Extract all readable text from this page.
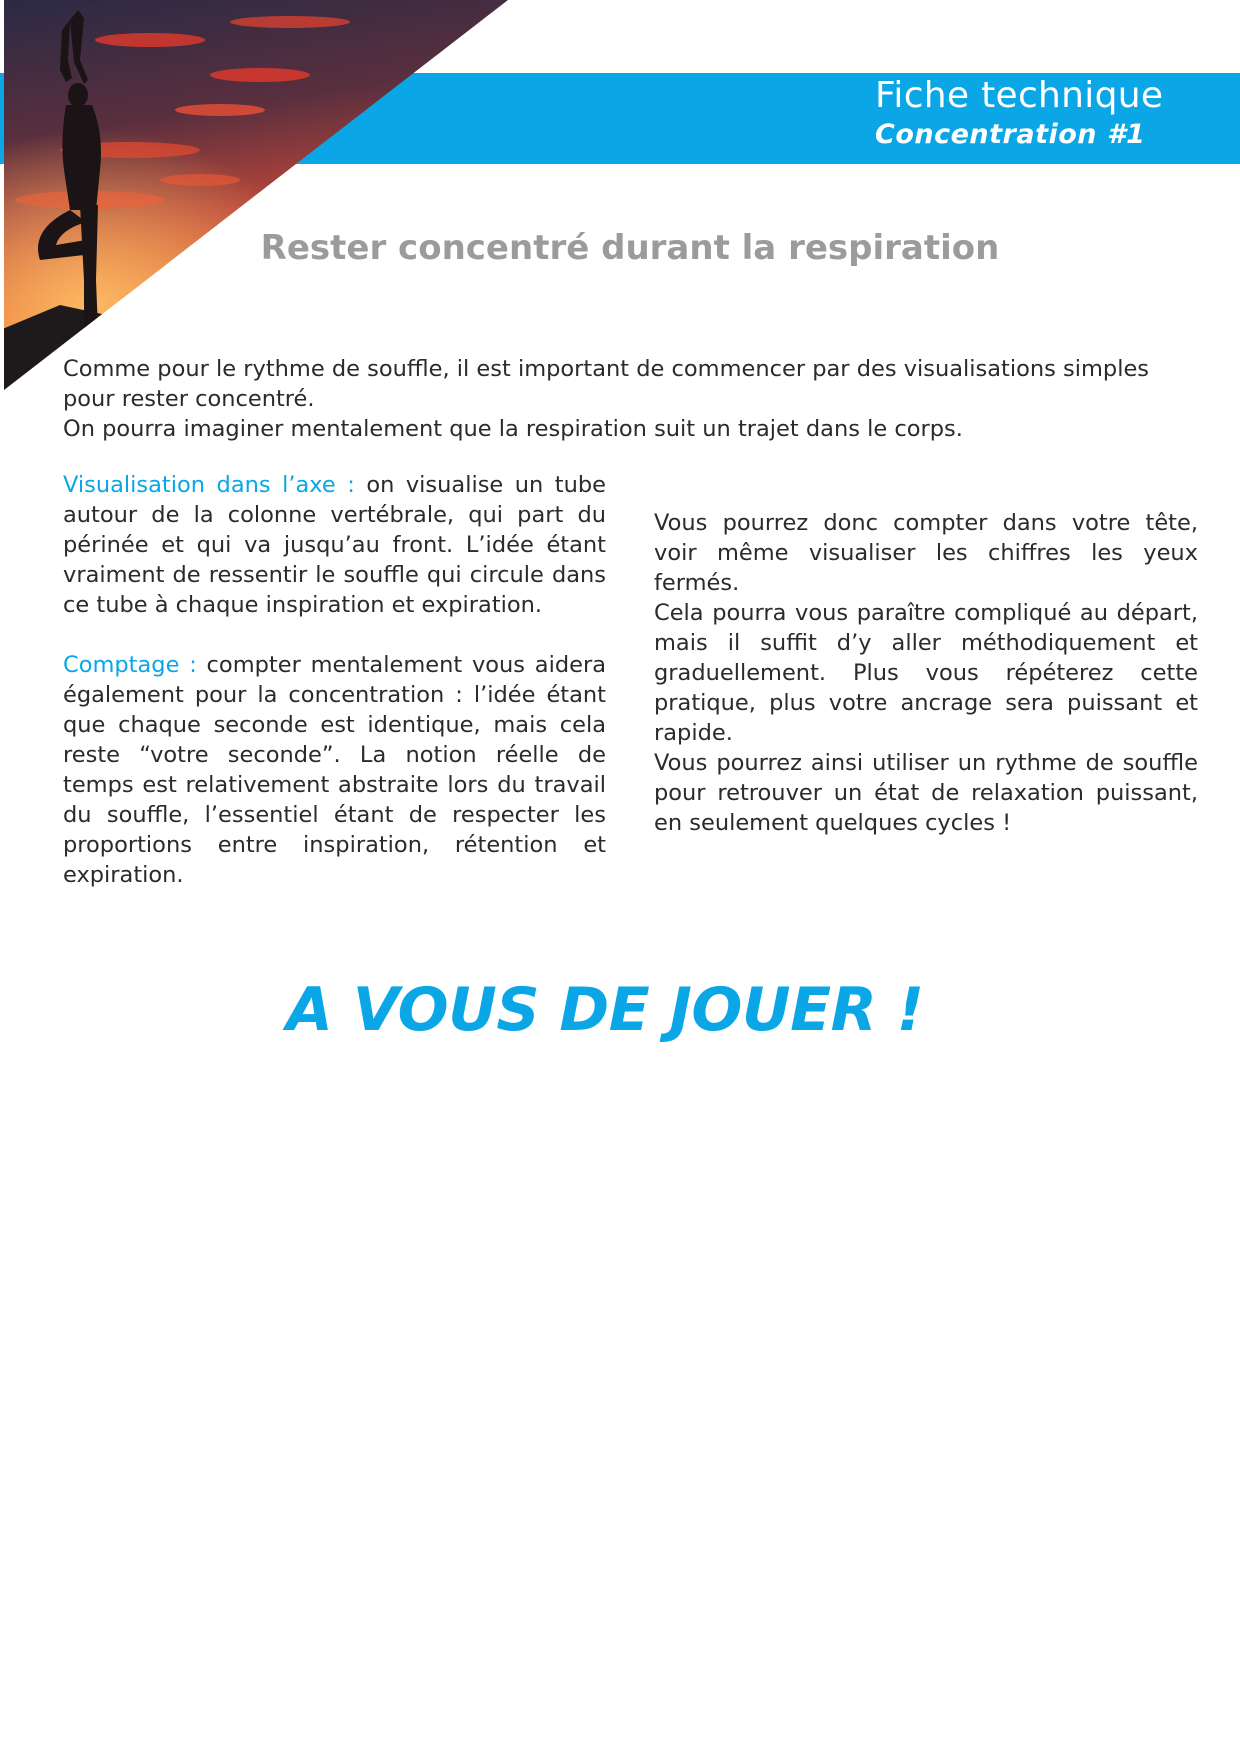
Fiche technique
Concentration #1
Rester concentré durant la respiration

Comme pour le rythme de souffle, il est important de commencer par des visualisations simples pour rester concentré.

On pourra imaginer mentalement que la respiration suit un trajet dans le corps.

Visualisation dans l’axe : on visualise un tube autour de la colonne vertébrale, qui part du périnée et qui va jusqu’au front. L’idée étant vraiment de ressentir le souffle qui circule dans ce tube à chaque inspiration et expiration.

Comptage : compter mentalement vous aidera également pour la concentration : l’idée étant que chaque seconde est identique, mais cela reste “votre seconde”. La notion réelle de temps est relativement abstraite lors du travail du souffle, l’essentiel étant de respecter les proportions entre inspiration, rétention et expiration.

Vous pourrez donc compter dans votre tête, voir même visualiser les chiffres les yeux fermés.

Cela pourra vous paraître compliqué au départ, mais il suffit d’y aller méthodiquement et graduellement. Plus vous répéterez cette pratique, plus votre ancrage sera puissant et rapide.

Vous pourrez ainsi utiliser un rythme de souffle pour retrouver un état de relaxation puissant, en seulement quelques cycles !

A VOUS DE JOUER !
